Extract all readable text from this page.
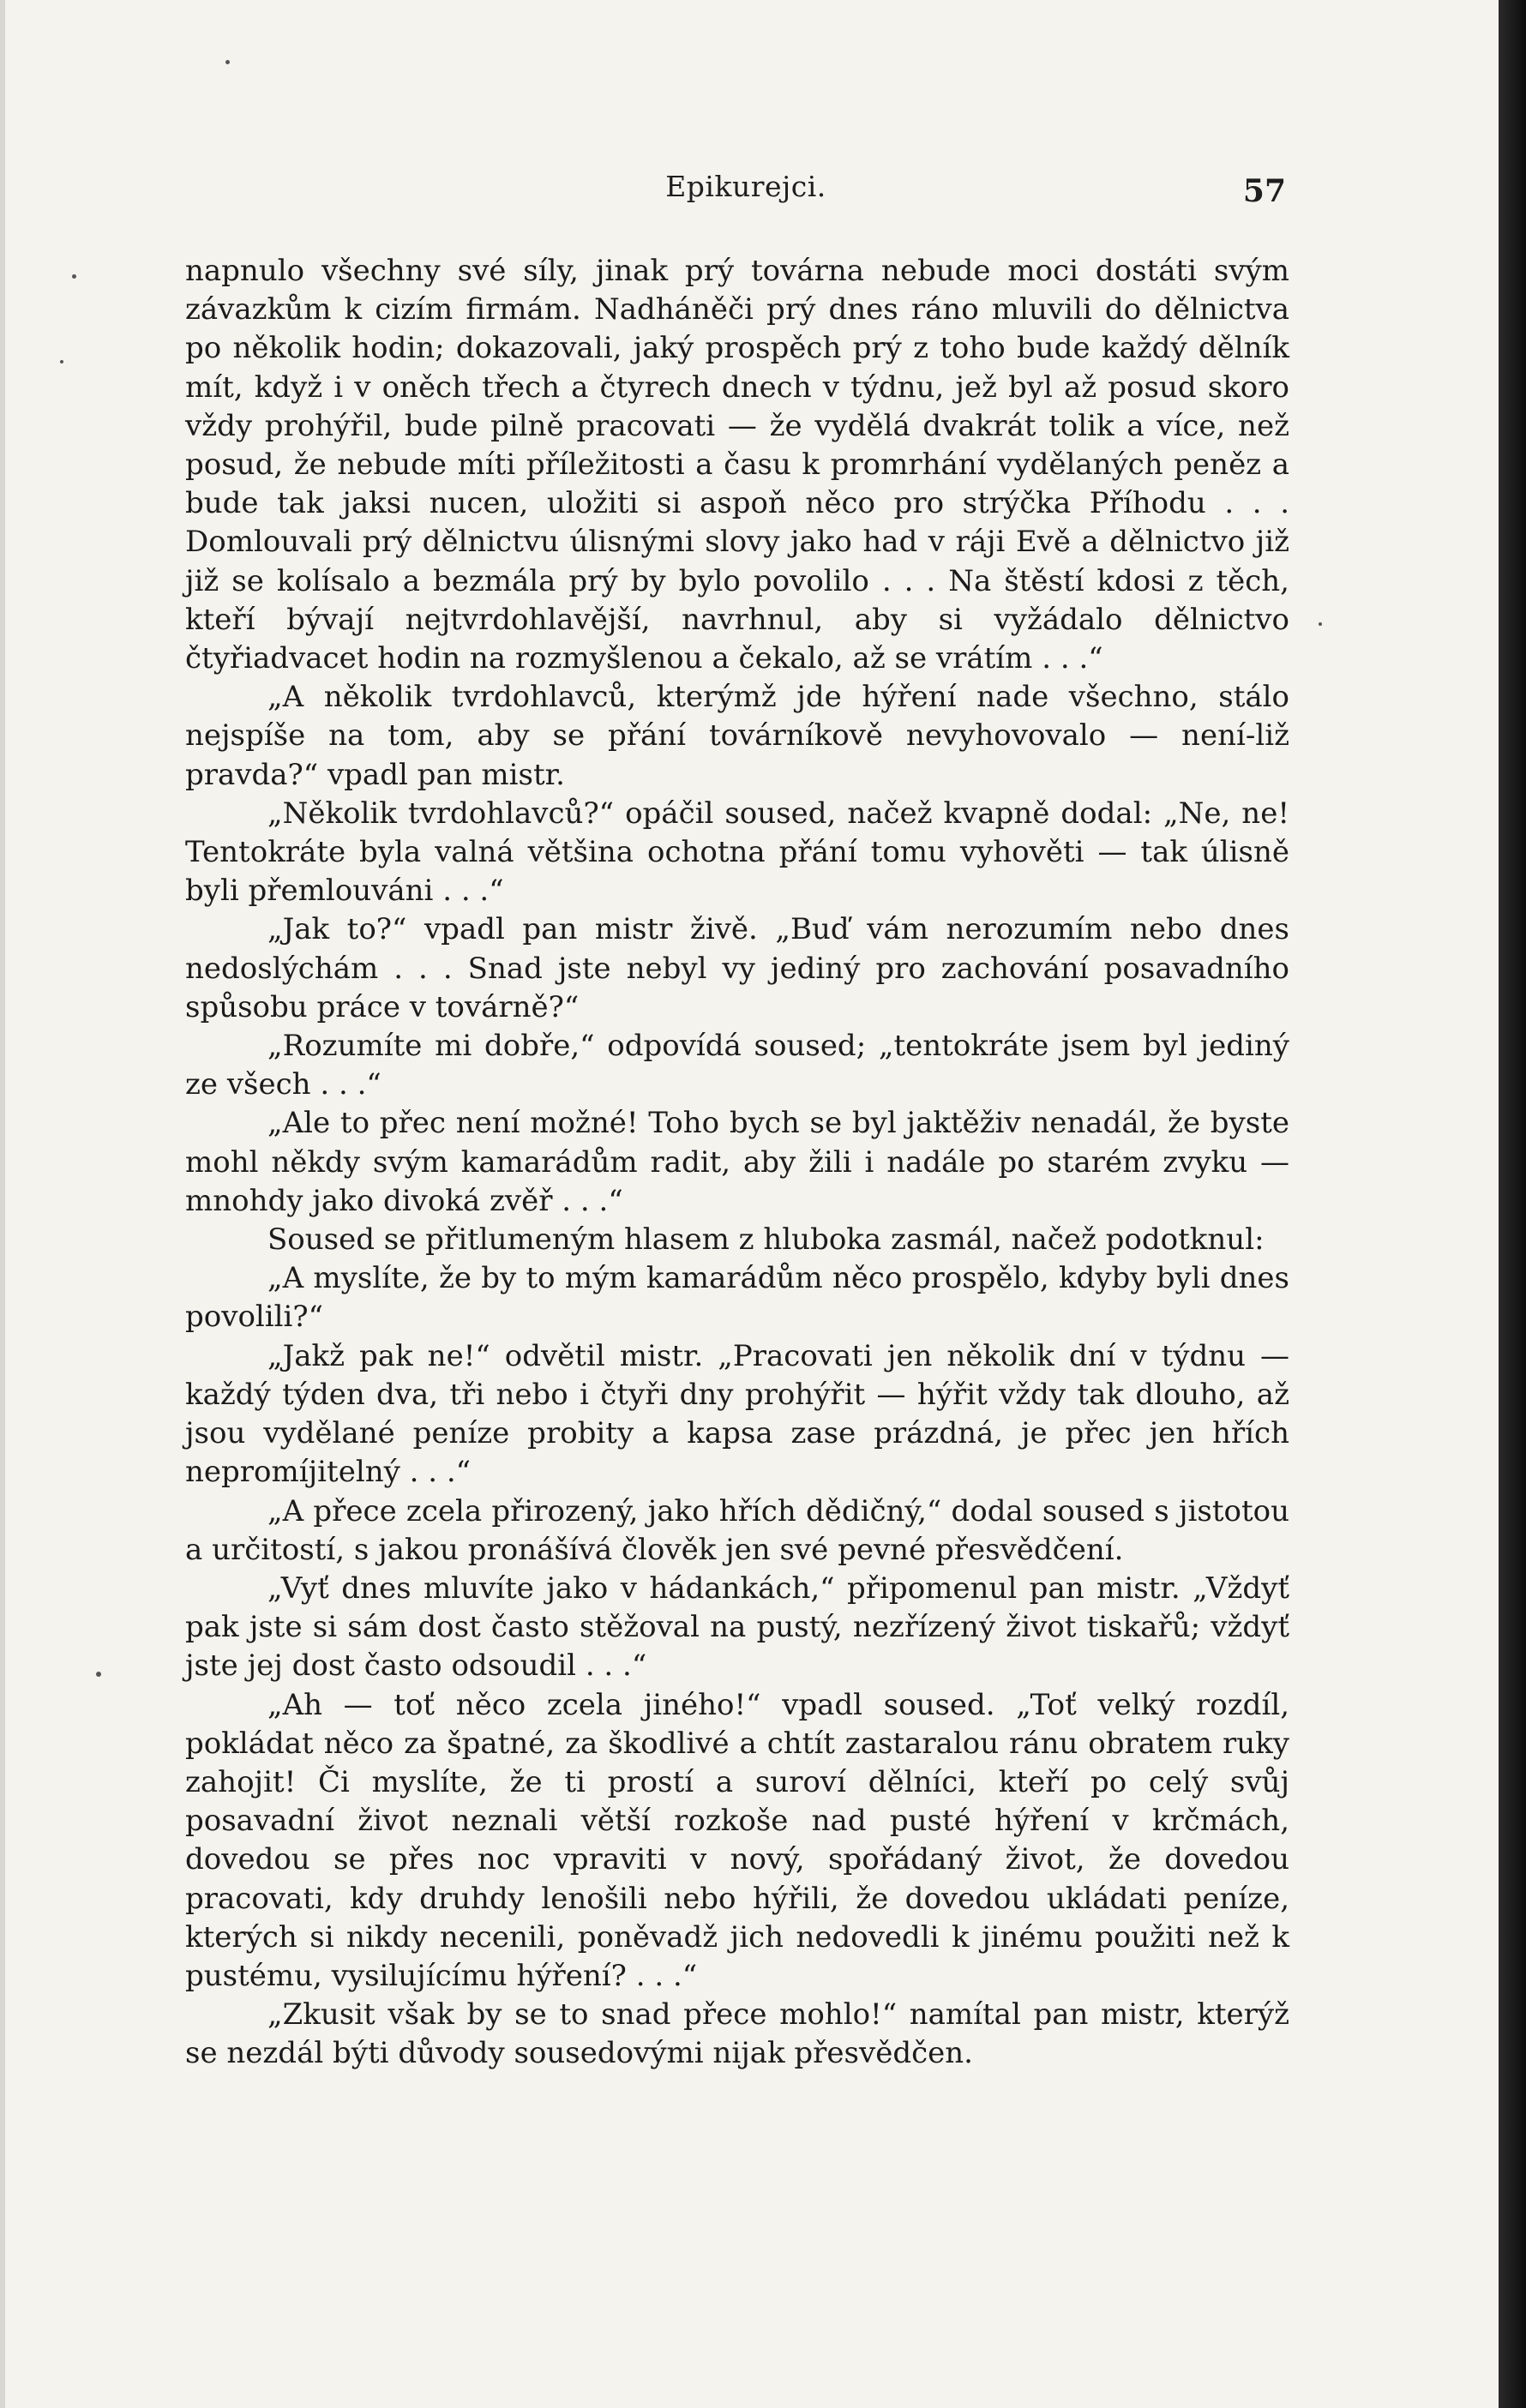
Epikurejci.	57

napnulo všechny své síly, jinak prý továrna nebude moci dostáti svým závazkům k cizím firmám. Nadháněči prý dnes ráno mluvili do dělnictva po několik hodin; dokazovali, jaký prospěch prý z toho bude každý dělník mít, když i v oněch třech a čtyrech dnech v týdnu, jež byl až posud skoro vždy prohýřil, bude pilně pracovati — že vydělá dvakrát tolik a více, než posud, že nebude míti příležitosti a času k promrhání vydělaných peněz a bude tak jaksi nucen, uložiti si aspoň něco pro strýčka Příhodu . . . Domlouvali prý dělnictvu úlisnými slovy jako had v ráji Evě a dělnictvo již již se kolísalo a bezmála prý by bylo povolilo . . . Na štěstí kdosi z těch, kteří bývají nejtvrdohlavější, navrhnul, aby si vyžádalo dělnictvo čtyřiadvacet hodin na rozmyšlenou a čekalo, až se vrátím . . .“

„A několik tvrdohlavců, kterýmž jde hýření nade všechno, stálo nejspíše na tom, aby se přání továrníkově nevyhovovalo — není-liž pravda?“ vpadl pan mistr.

„Několik tvrdohlavců?“ opáčil soused, načež kvapně dodal: „Ne, ne! Tentokráte byla valná většina ochotna přání tomu vyhověti — tak úlisně byli přemlouváni . . .“

„Jak to?“ vpadl pan mistr živě. „Buď vám nerozumím nebo dnes nedoslýchám . . . Snad jste nebyl vy jediný pro zachování posavadního spůsobu práce v továrně?“

„Rozumíte mi dobře,“ odpovídá soused; „tentokráte jsem byl jediný ze všech . . .“

„Ale to přec není možné! Toho bych se byl jaktěživ nenadál, že byste mohl někdy svým kamarádům radit, aby žili i nadále po starém zvyku — mnohdy jako divoká zvěř . . .“

Soused se přitlumeným hlasem z hluboka zasmál, načež podotknul:

„A myslíte, že by to mým kamarádům něco prospělo, kdyby byli dnes povolili?“

„Jakž pak ne!“ odvětil mistr. „Pracovati jen několik dní v týdnu — každý týden dva, tři nebo i čtyři dny prohýřit — hýřit vždy tak dlouho, až jsou vydělané peníze probity a kapsa zase prázdná, je přec jen hřích nepromíjitelný . . .“

„A přece zcela přirozený, jako hřích dědičný,“ dodal soused s jistotou a určitostí, s jakou pronášívá člověk jen své pevné přesvědčení.

„Vyť dnes mluvíte jako v hádankách,“ připomenul pan mistr. „Vždyť pak jste si sám dost často stěžoval na pustý, nezřízený život tiskařů; vždyť jste jej dost často odsoudil . . .“

„Ah — toť něco zcela jiného!“ vpadl soused. „Toť velký rozdíl, pokládat něco za špatné, za škodlivé a chtít zastaralou ránu obratem ruky zahojit! Či myslíte, že ti prostí a suroví dělníci, kteří po celý svůj posavadní život neznali větší rozkoše nad pusté hýření v krčmách, dovedou se přes noc vpraviti v nový, spořádaný život, že dovedou pracovati, kdy druhdy lenošili nebo hýřili, že dovedou ukládati peníze, kterých si nikdy necenili, poněvadž jich nedovedli k jinému použiti než k pustému, vysilujícímu hýření? . . .“

„Zkusit však by se to snad přece mohlo!“ namítal pan mistr, kterýž se nezdál býti důvody sousedovými nijak přesvědčen.
